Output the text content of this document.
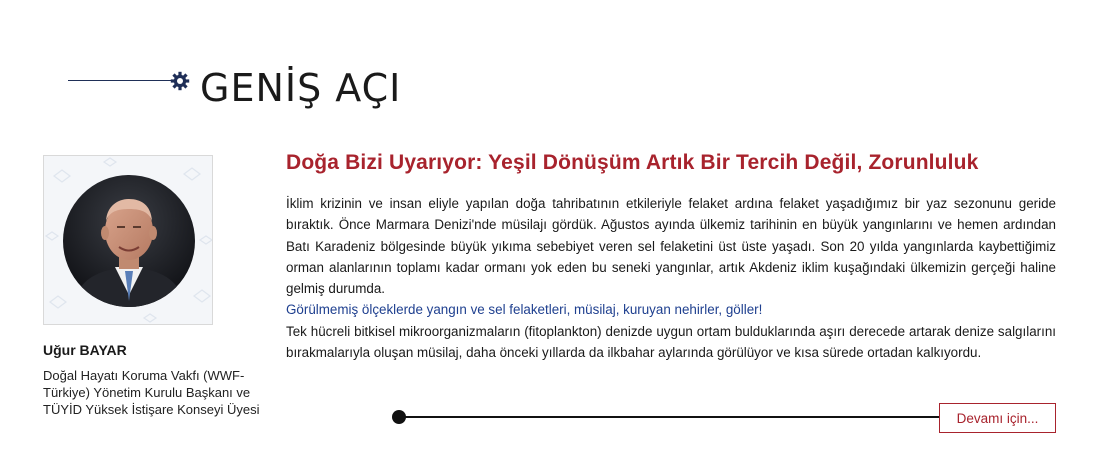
GENİŞ AÇI
Uğur BAYAR
Doğal Hayatı Koruma Vakfı (WWF-Türkiye) Yönetim Kurulu Başkanı ve TÜYİD Yüksek İstişare Konseyi Üyesi
Doğa Bizi Uyarıyor: Yeşil Dönüşüm Artık Bir Tercih Değil, Zorunluluk

İklim krizinin ve insan eliyle yapılan doğa tahribatının etkileriyle felaket ardına felaket yaşadığımız bir yaz sezonunu geride bıraktık. Önce Marmara Denizi'nde müsilajı gördük. Ağustos ayında ülkemiz tarihinin en büyük yangınlarını ve hemen ardından Batı Karadeniz bölgesinde büyük yıkıma sebebiyet veren sel felaketini üst üste yaşadı. Son 20 yılda yangınlarda kaybettiğimiz orman alanlarının toplamı kadar ormanı yok eden bu seneki yangınlar, artık Akdeniz iklim kuşağındaki ülkemizin gerçeği haline gelmiş durumda.

Görülmemiş ölçeklerde yangın ve sel felaketleri, müsilaj, kuruyan nehirler, göller!

Tek hücreli bitkisel mikroorganizmaların (fitoplankton) denizde uygun ortam bulduklarında aşırı derecede artarak denize salgılarını bırakmalarıyla oluşan müsilaj, daha önceki yıllarda da ilkbahar aylarında görülüyor ve kısa sürede ortadan kalkıyordu.

Devamı için...
